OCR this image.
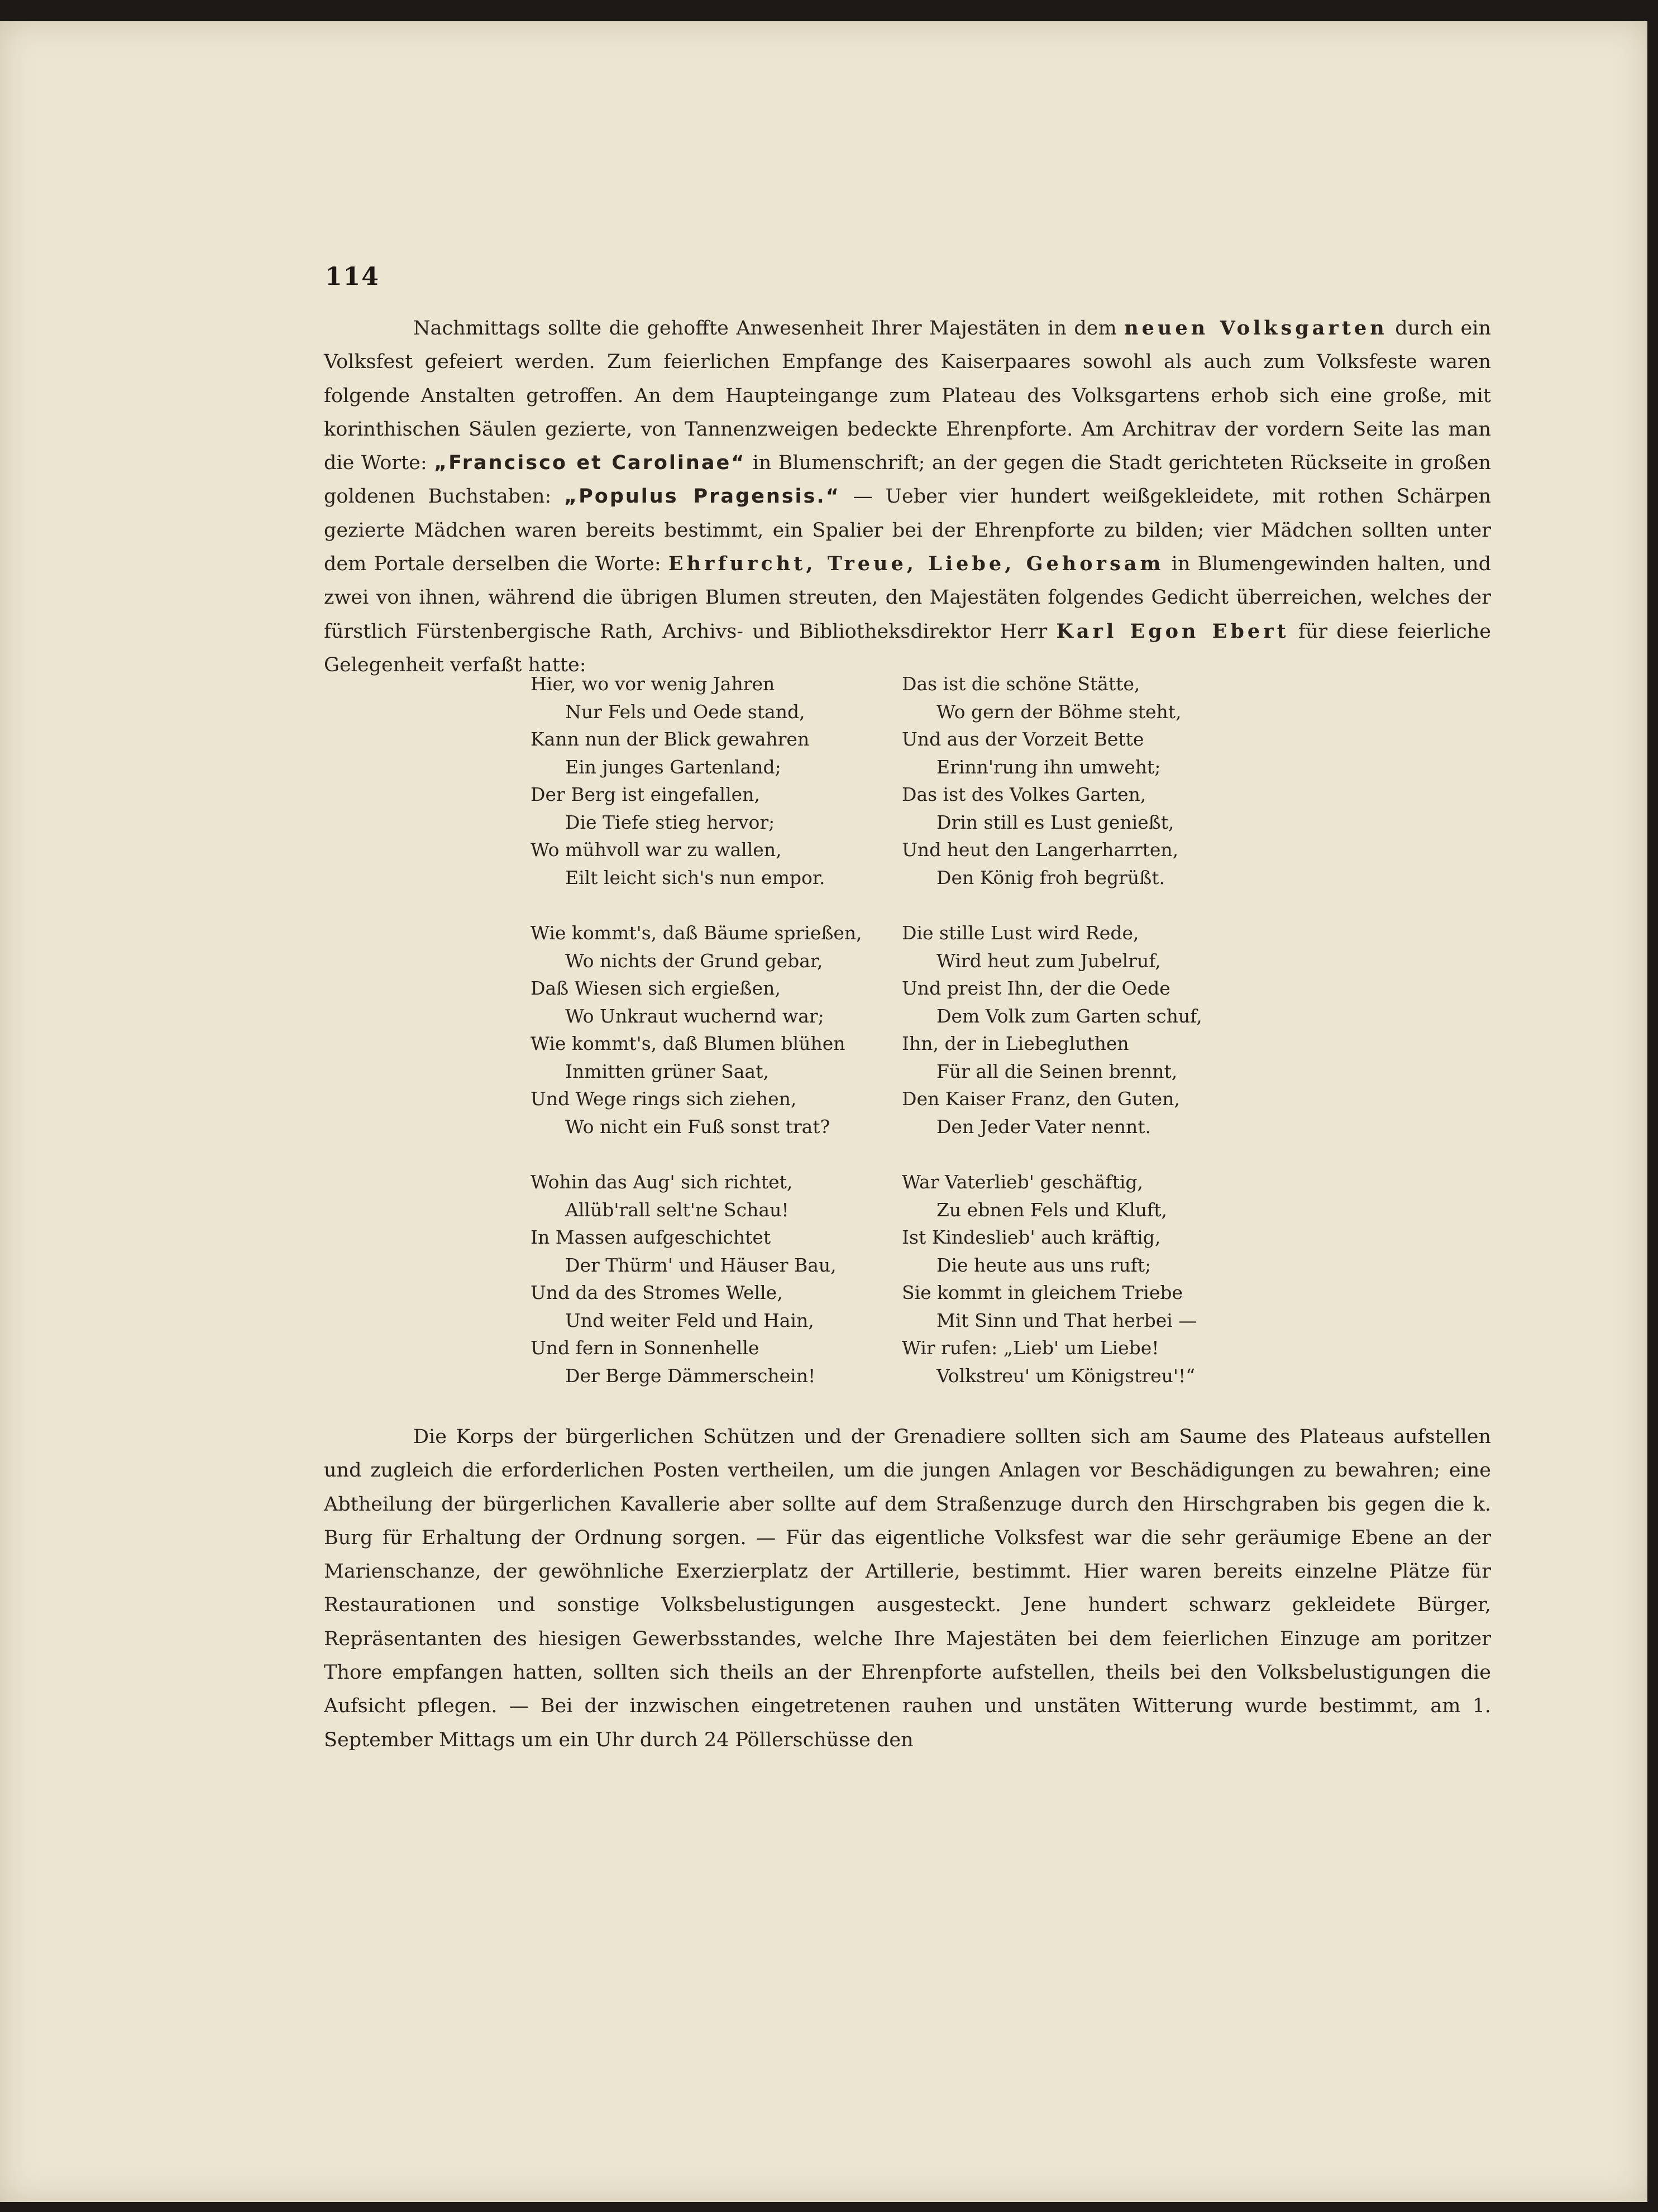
114

Nachmittags sollte die gehoffte Anwesenheit Ihrer Majestäten in dem neuen Volksgarten durch ein Volksfest gefeiert werden. Zum feierlichen Empfange des Kaiserpaares sowohl als auch zum Volksfeste waren folgende Anstalten getroffen. An dem Haupteingange zum Plateau des Volksgartens erhob sich eine große, mit korinthischen Säulen gezierte, von Tannenzweigen bedeckte Ehrenpforte. Am Architrav der vordern Seite las man die Worte: „Francisco et Carolinae“ in Blumenschrift; an der gegen die Stadt gerichteten Rückseite in großen goldenen Buchstaben: „Populus Pragensis.“ — Ueber vier hundert weißgekleidete, mit rothen Schärpen gezierte Mädchen waren bereits bestimmt, ein Spalier bei der Ehrenpforte zu bilden; vier Mädchen sollten unter dem Portale derselben die Worte: Ehrfurcht, Treue, Liebe, Gehorsam in Blumengewinden halten, und zwei von ihnen, während die übrigen Blumen streuten, den Majestäten folgendes Gedicht überreichen, welches der fürstlich Fürstenbergische Rath, Archivs- und Bibliotheksdirektor Herr Karl Egon Ebert für diese feierliche Gelegenheit verfaßt hatte:

Hier, wo vor wenig Jahren
Nur Fels und Oede stand,
Kann nun der Blick gewahren
Ein junges Gartenland;
Der Berg ist eingefallen,
Die Tiefe stieg hervor;
Wo mühvoll war zu wallen,
Eilt leicht sich's nun empor.
Wie kommt's, daß Bäume sprießen,
Wo nichts der Grund gebar,
Daß Wiesen sich ergießen,
Wo Unkraut wuchernd war;
Wie kommt's, daß Blumen blühen
Inmitten grüner Saat,
Und Wege rings sich ziehen,
Wo nicht ein Fuß sonst trat?
Wohin das Aug' sich richtet,
Allüb'rall selt'ne Schau!
In Massen aufgeschichtet
Der Thürm' und Häuser Bau,
Und da des Stromes Welle,
Und weiter Feld und Hain,
Und fern in Sonnenhelle
Der Berge Dämmerschein!
Das ist die schöne Stätte,
Wo gern der Böhme steht,
Und aus der Vorzeit Bette
Erinn'rung ihn umweht;
Das ist des Volkes Garten,
Drin still es Lust genießt,
Und heut den Langerharrten,
Den König froh begrüßt.
Die stille Lust wird Rede,
Wird heut zum Jubelruf,
Und preist Ihn, der die Oede
Dem Volk zum Garten schuf,
Ihn, der in Liebegluthen
Für all die Seinen brennt,
Den Kaiser Franz, den Guten,
Den Jeder Vater nennt.
War Vaterlieb' geschäftig,
Zu ebnen Fels und Kluft,
Ist Kindeslieb' auch kräftig,
Die heute aus uns ruft;
Sie kommt in gleichem Triebe
Mit Sinn und That herbei —
Wir rufen: „Lieb' um Liebe!
Volkstreu' um Königstreu'!“

Die Korps der bürgerlichen Schützen und der Grenadiere sollten sich am Saume des Plateaus aufstellen und zugleich die erforderlichen Posten vertheilen, um die jungen Anlagen vor Beschädigungen zu bewahren; eine Abtheilung der bürgerlichen Kavallerie aber sollte auf dem Straßenzuge durch den Hirschgraben bis gegen die k. Burg für Erhaltung der Ordnung sorgen. — Für das eigentliche Volksfest war die sehr geräumige Ebene an der Marienschanze, der gewöhnliche Exerzierplatz der Artillerie, bestimmt. Hier waren bereits einzelne Plätze für Restaurationen und sonstige Volksbelustigungen ausgesteckt. Jene hundert schwarz gekleidete Bürger, Repräsentanten des hiesigen Gewerbsstandes, welche Ihre Majestäten bei dem feierlichen Einzuge am poritzer Thore empfangen hatten, sollten sich theils an der Ehrenpforte aufstellen, theils bei den Volksbelustigungen die Aufsicht pflegen. — Bei der inzwischen eingetretenen rauhen und unstäten Witterung wurde bestimmt, am 1. September Mittags um ein Uhr durch 24 Pöllerschüsse den
